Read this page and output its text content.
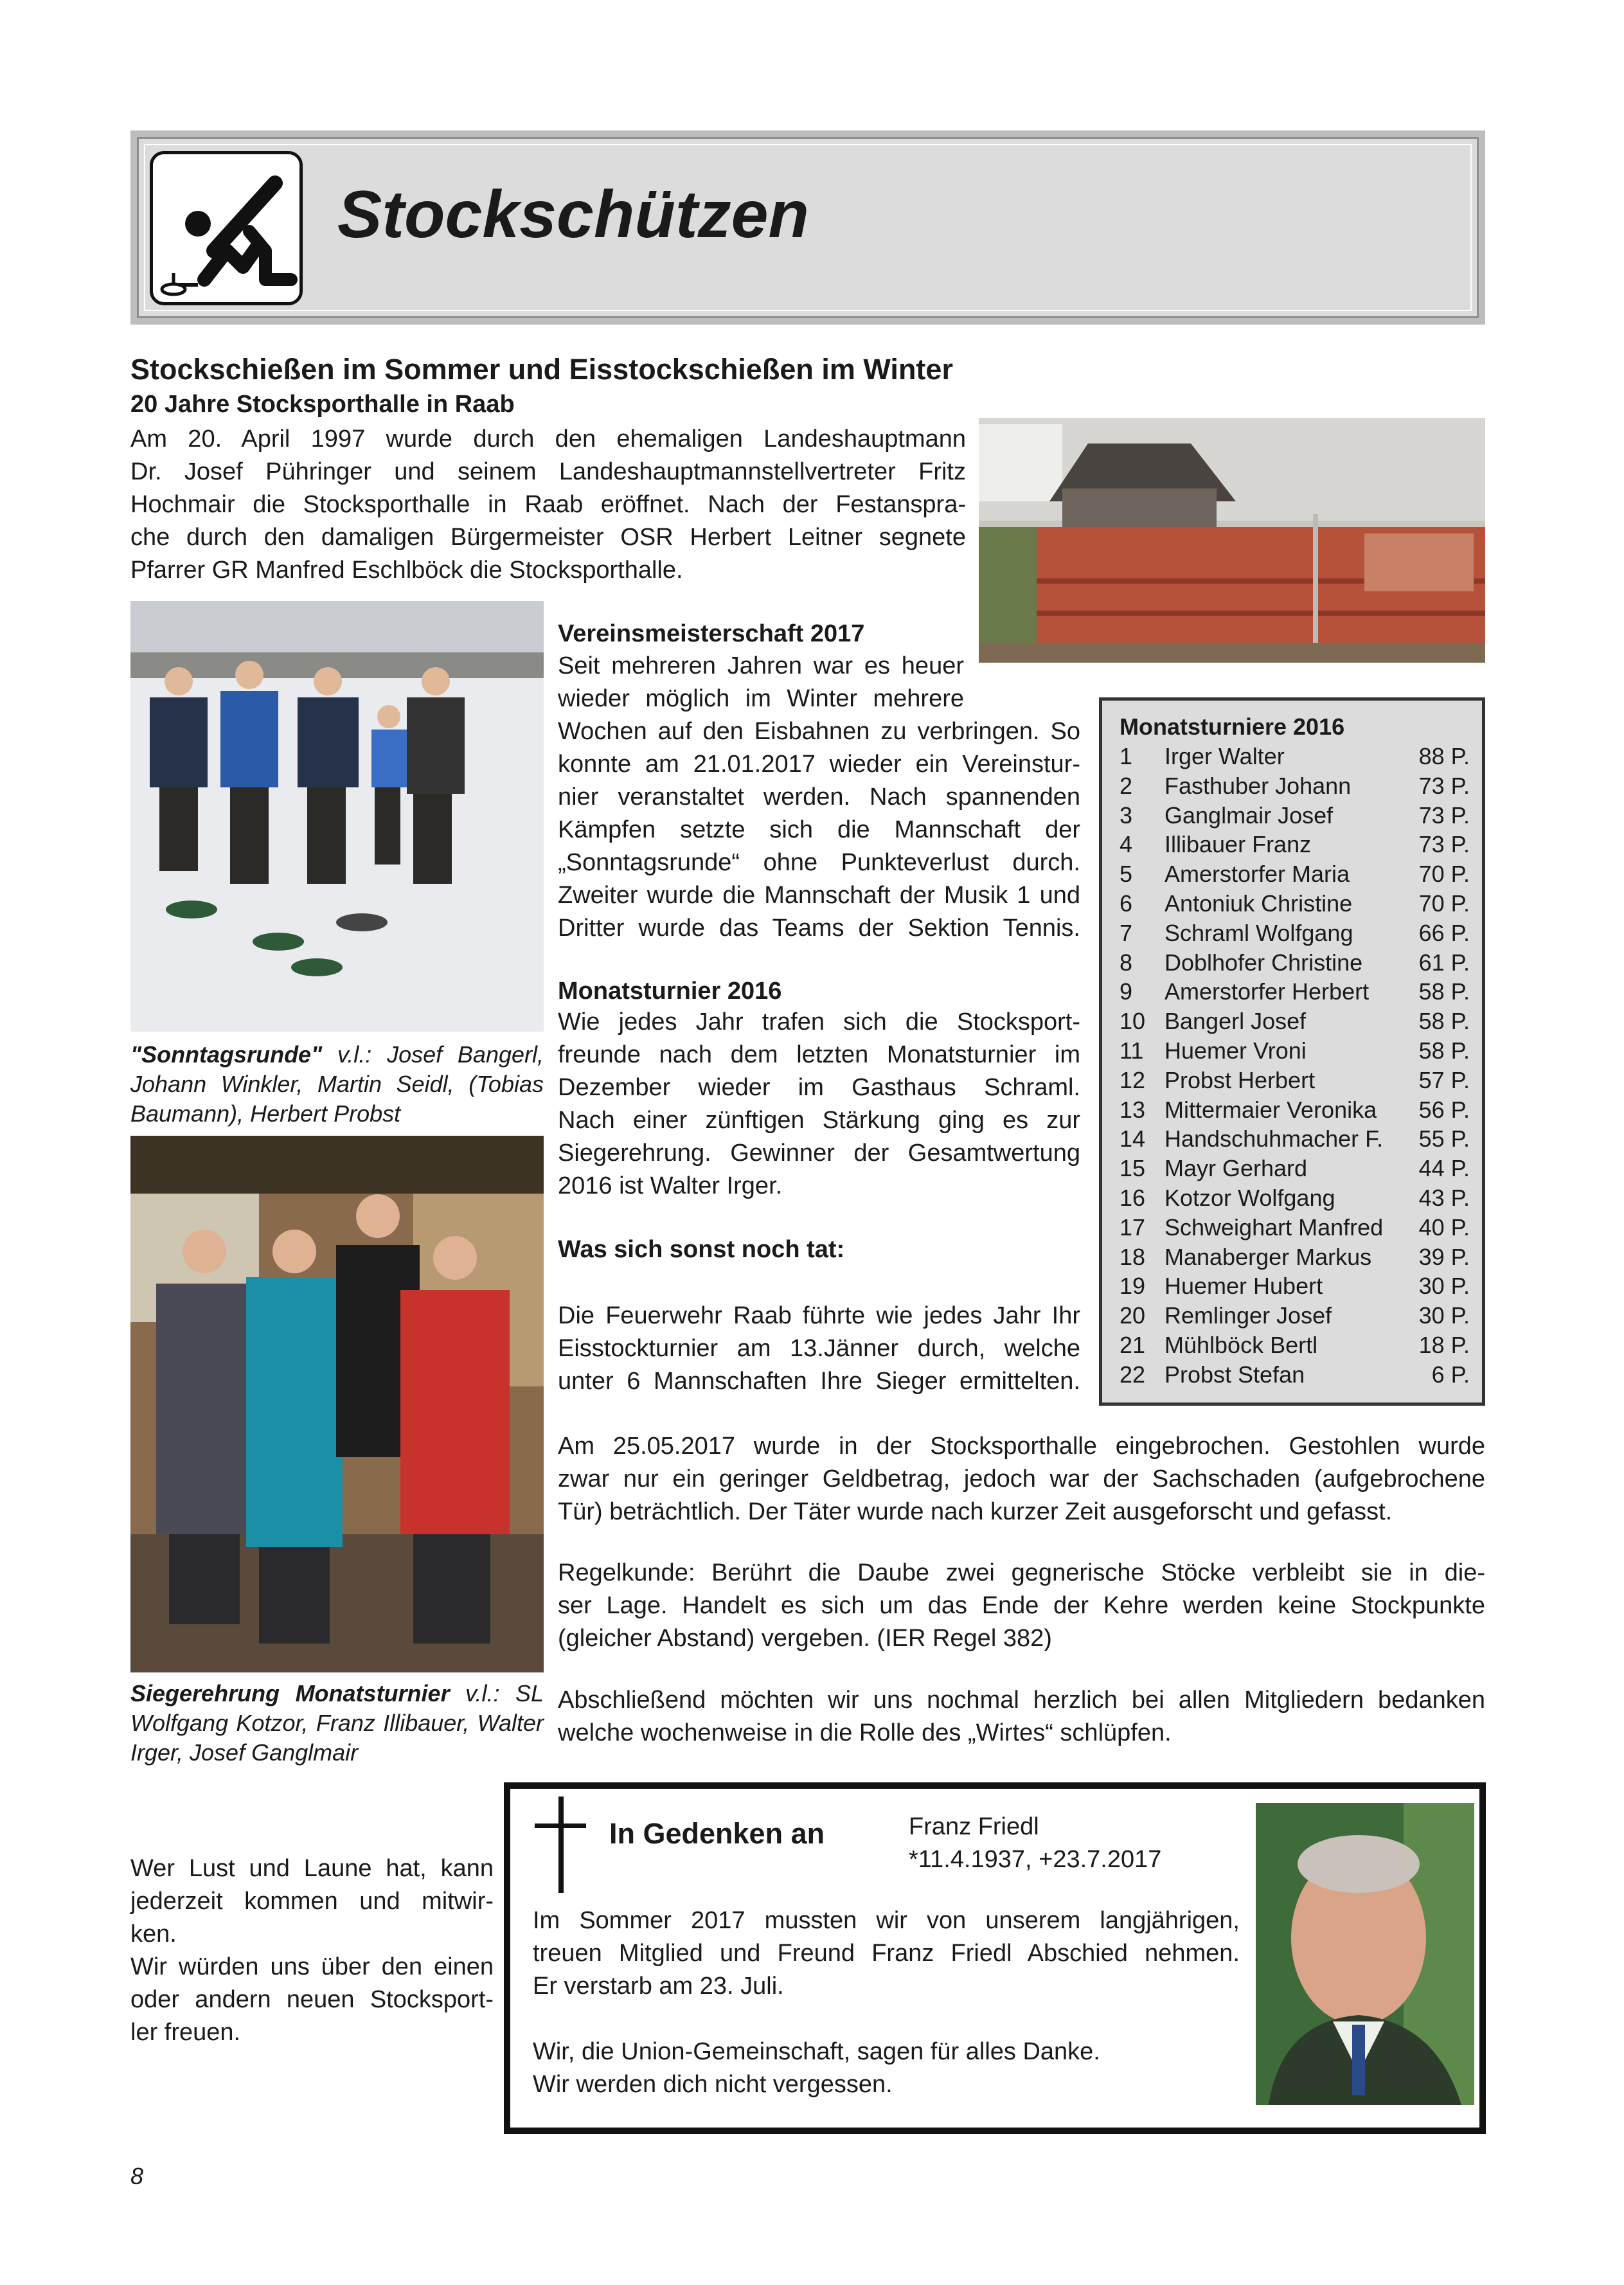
Stockschützen
Stockschießen im Sommer und Eisstockschießen im Winter
20 Jahre Stocksporthalle in Raab
Am 20. April 1997 wurde durch den ehemaligen Landeshauptmann
Dr. Josef Pühringer und seinem Landeshauptmannstellvertreter Fritz
Hochmair die Stocksporthalle in Raab eröffnet. Nach der Festanspra-
che durch den damaligen Bürgermeister OSR Herbert Leitner segnete
Pfarrer GR Manfred Eschlböck die Stocksporthalle.
"Sonntagsrunde" v.l.: Josef Bangerl, Johann Winkler, Martin Seidl, (Tobias Baumann), Herbert Probst
Siegerehrung Monatsturnier v.l.: SL Wolfgang Kotzor, Franz Illibauer, Walter Irger, Josef Ganglmair
Vereinsmeisterschaft 2017
Seit mehreren Jahren war es heuer
wieder möglich im Winter mehrere
Wochen auf den Eisbahnen zu verbringen. So
konnte am 21.01.2017 wieder ein Vereinstur-
nier veranstaltet werden. Nach spannenden
Kämpfen setzte sich die Mannschaft der
„Sonntagsrunde“ ohne Punkteverlust durch.
Zweiter wurde die Mannschaft der Musik 1 und
Dritter wurde das Teams der Sektion Tennis.
Monatsturnier 2016
Wie jedes Jahr trafen sich die Stocksport-
freunde nach dem letzten Monatsturnier im
Dezember wieder im Gasthaus Schraml.
Nach einer zünftigen Stärkung ging es zur
Siegerehrung. Gewinner der Gesamtwertung
2016 ist Walter Irger.
Was sich sonst noch tat:
Die Feuerwehr Raab führte wie jedes Jahr Ihr
Eisstockturnier am 13.Jänner durch, welche
unter 6 Mannschaften Ihre Sieger ermittelten.
Monatsturniere 2016
1 Irger Walter	88 P.
2 Fasthuber Johann	73 P.
3 Ganglmair Josef	73 P.
4 Illibauer Franz	73 P.
5 Amerstorfer Maria	70 P.
6 Antoniuk Christine	70 P.
7 Schraml Wolfgang	66 P.
8 Doblhofer Christine 61 P.
9 Amerstorfer Herbert 58 P.
10 Bangerl Josef	58 P.
11 Huemer Vroni	58 P.
12 Probst Herbert	57 P.
13 Mittermaier Veronika 56 P.
14 Handschuhmacher F. 55 P.
15 Mayr Gerhard	44 P.
16 Kotzor Wolfgang	43 P.
17 Schweighart Manfred 40 P.
18 Manaberger Markus 39 P.
19 Huemer Hubert	30 P.
20 Remlinger Josef	30 P.
21 Mühlböck Bertl	18 P.
22 Probst Stefan	6 P.
Am 25.05.2017 wurde in der Stocksporthalle eingebrochen. Gestohlen wurde
zwar nur ein geringer Geldbetrag, jedoch war der Sachschaden (aufgebrochene
Tür) beträchtlich. Der Täter wurde nach kurzer Zeit ausgeforscht und gefasst.
Regelkunde: Berührt die Daube zwei gegnerische Stöcke verbleibt sie in die-
ser Lage. Handelt es sich um das Ende der Kehre werden keine Stockpunkte
(gleicher Abstand) vergeben. (IER Regel 382)
Abschließend möchten wir uns nochmal herzlich bei allen Mitgliedern bedanken
welche wochenweise in die Rolle des „Wirtes“ schlüpfen.
Wer Lust und Laune hat, kann
jederzeit kommen und mitwir-
ken.
Wir würden uns über den einen
oder andern neuen Stocksport-
ler freuen.
In Gedenken an	Franz Friedl
*11.4.1937, +23.7.2017
Im Sommer 2017 mussten wir von unserem langjährigen,
treuen Mitglied und Freund Franz Friedl Abschied nehmen.
Er verstarb am 23. Juli.
Wir, die Union-Gemeinschaft, sagen für alles Danke.
Wir werden dich nicht vergessen.
8
